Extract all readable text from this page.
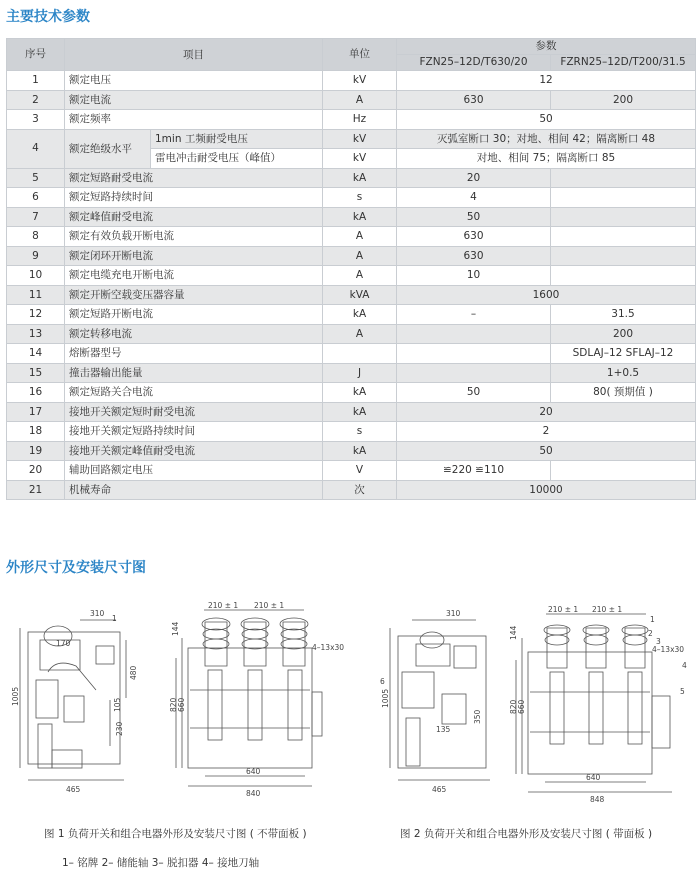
主要技术参数
序号	项目		单位	参数	
				FZN25–12D/T630/20	FZRN25–12D/T200/31.5
1	额定电压		kV	12	
2	额定电流		A	630	200
3	额定频率		Hz	50	
4	额定绝级水平	1min 工频耐受电压	kV	灭弧室断口 30；对地、相间 42；隔离断口 48	
		雷电冲击耐受电压（峰值）	kV	对地、相间 75；隔离断口 85	
5	额定短路耐受电流		kA	20	
6	额定短路持续时间		s	4	
7	额定峰值耐受电流		kA	50	
8	额定有效负载开断电流		A	630	
9	额定闭环开断电流		A	630	
10	额定电缆充电开断电流		A	10	
11	额定开断空载变压器容量		kVA	1600	
12	额定短路开断电流		kA	–	31.5
13	额定转移电流		A		200
14	熔断器型号				SDLAJ–12 SFLAJ–12
15	撞击器输出能量		J		1+0.5
16	额定短路关合电流		kA	50	80( 预期值 )
17	接地开关额定短时耐受电流		kA	20	
18	接地开关额定短路持续时间		s	2	
19	接地开关额定峰值耐受电流		kA	50	
20	辅助回路额定电压		V	≌220 ≌110	
21	机械寿命		次	10000	
外形尺寸及安装尺寸图
310
1
170
465
1005
480
105
230
210 ± 1 210 ± 1
4–13x30
144
820 660
640
840
310
6
465
1005
135
350
210 ± 1 210 ± 1
4–13x30
1
2
3
4
5
144
820 660
640
848
图 1 负荷开关和组合电器外形及安装尺寸图 ( 不带面板 )	图 2 负荷开关和组合电器外形及安装尺寸图 ( 带面板 )
1– 铭牌 2– 储能轴 3– 脱扣器 4– 接地刀轴
